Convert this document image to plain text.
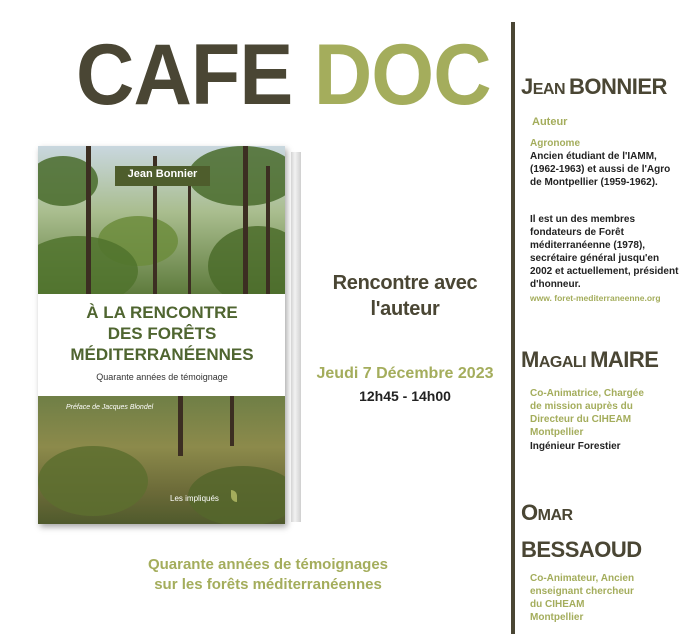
CAFE DOC
Jean Bonnier
À LA RENCONTRE
DES FORÊTS
MÉDITERRANÉENNES
Quarante années de témoignage
Préface de Jacques Blondel
Les impliqués
Rencontre avec
l'auteur
Jeudi 7 Décembre 2023
12h45 - 14h00
Quarante années de témoignages
sur les forêts méditerranéennes
JEAN BONNIER
Auteur
Agronome
Ancien étudiant de l'IAMM, (1962-1963) et aussi de l'Agro de Montpellier (1959-1962).
Il est un des membres fondateurs de Forêt méditerranéenne (1978), secrétaire général jusqu'en 2002 et actuellement, président d'honneur.
www. foret-mediterraneenne.org
MAGALI MAIRE
Co-Animatrice, Chargée de mission auprès du Directeur du CIHEAM Montpellier
Ingénieur Forestier
OMAR
BESSAOUD
Co-Animateur, Ancien enseignant chercheur du CIHEAM Montpellier
